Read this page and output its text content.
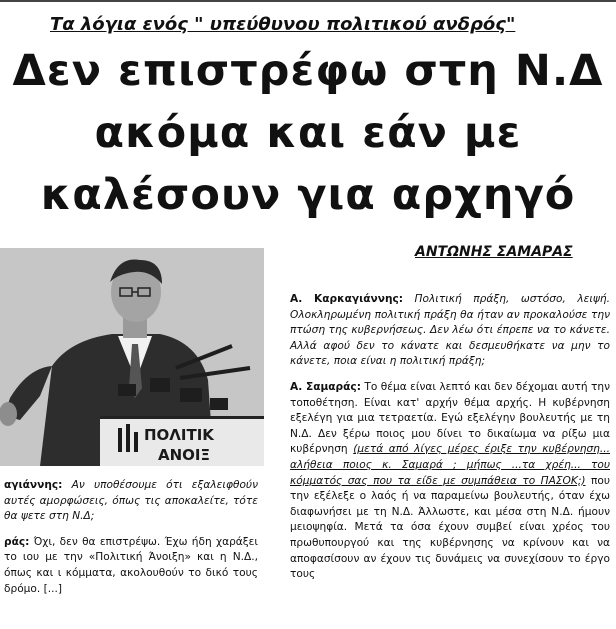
Τα λόγια ενός " υπεύθυνου πολιτικού ανδρός"
Δεν επιστρέφω στη Ν.Δ
ακόμα και εάν με
καλέσουν για αρχηγό
ΑΝΤΩΝΗΣ ΣΑΜΑΡΑΣ
ΠΟΛΙΤΙΚ
ΑΝΟΙΞ

αγιάννης: Αν υποθέσουμε ότι εξαλειφθούν αυτές αμορφώσεις, όπως τις αποκαλείτε, τότε θα ψετε στη Ν.Δ;

ράς: Όχι, δεν θα επιστρέψω. Έχω ήδη χαράξει το ιου με την «Πολιτική Άνοιξη» και η Ν.Δ., όπως και ι κόμματα, ακολουθούν το δικό τους δρόμο. [...]

Α. Καρκαγιάννης: Πολιτική πράξη, ωστόσο, λειψή. Ολοκληρωμένη πολιτική πράξη θα ήταν αν προκαλούσε την πτώση της κυβερνήσεως. Δεν λέω ότι έπρεπε να το κάνετε. Αλλά αφού δεν το κάνατε και δεσμευθήκατε να μην το κάνετε, ποια είναι η πολιτική πράξη;

Α. Σαμαράς: Το θέμα είναι λεπτό και δεν δέχομαι αυτή την τοποθέτηση. Είναι κατ' αρχήν θέμα αρχής. Η κυβέρνηση εξελέγη για μια τετραετία. Εγώ εξελέγην βουλευτής με τη Ν.Δ. Δεν ξέρω ποιος μου δίνει το δικαίωμα να ρίξω μια κυβέρνηση (μετά από λίγες μέρες έριξε την κυβέρνηση... αλήθεια ποιος κ. Σαμαρά ; μήπως ...τα χρέη... του κόμματός σας που τα είδε με συμπάθεια το ΠΑΣΟΚ;) που την εξέλεξε ο λαός ή να παραμείνω βουλευτής, όταν έχω διαφωνήσει με τη Ν.Δ. Άλλωστε, και μέσα στη Ν.Δ. ήμουν μειοψηφία. Μετά τα όσα έχουν συμβεί είναι χρέος του πρωθυπουργού και της κυβέρνησης να κρίνουν και να αποφασίσουν αν έχουν τις δυνάμεις να συνεχίσουν το έργο τους
